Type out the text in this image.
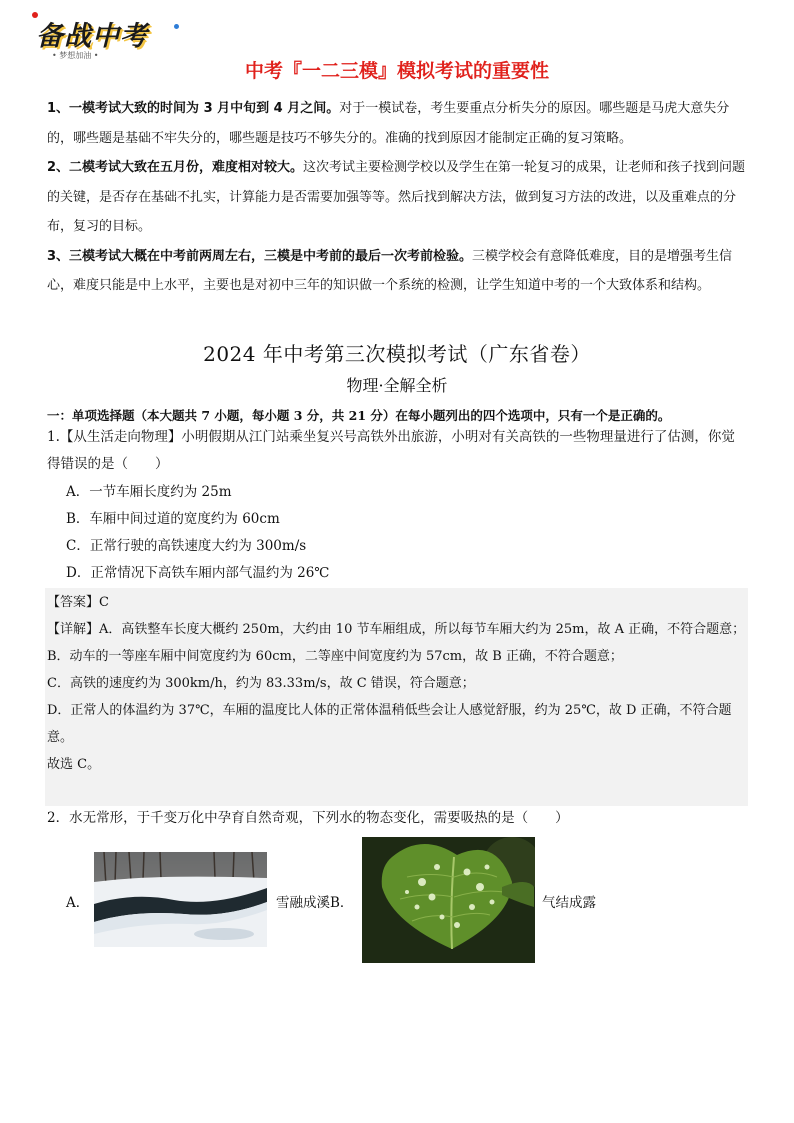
备战中考
• 梦想加油 •
中考『一二三模』模拟考试的重要性

1、一模考试大致的时间为 3 月中旬到 4 月之间。对于一模试卷，考生要重点分析失分的原因。哪些题是马虎大意失分的，哪些题是基础不牢失分的，哪些题是技巧不够失分的。准确的找到原因才能制定正确的复习策略。

2、二模考试大致在五月份，难度相对较大。这次考试主要检测学校以及学生在第一轮复习的成果，让老师和孩子找到问题的关键，是否存在基础不扎实，计算能力是否需要加强等等。然后找到解决方法，做到复习方法的改进，以及重难点的分布，复习的目标。

3、三模考试大概在中考前两周左右，三模是中考前的最后一次考前检验。三模学校会有意降低难度，目的是增强考生信心，难度只能是中上水平，主要也是对初中三年的知识做一个系统的检测，让学生知道中考的一个大致体系和结构。

2024 年中考第三次模拟考试（广东省卷）
物理·全解全析
一：单项选择题（本大题共 7 小题，每小题 3 分，共 21 分）在每小题列出的四个选项中，只有一个是正确的。

1.【从生活走向物理】小明假期从江门站乘坐复兴号高铁外出旅游，小明对有关高铁的一些物理量进行了估测，你觉得错误的是（　　）

A．一节车厢长度约为 25m
B．车厢中间过道的宽度约为 60cm
C．正常行驶的高铁速度大约为 300m/s
D．正常情况下高铁车厢内部气温约为 26℃

【答案】C

【详解】A．高铁整车长度大概约 250m，大约由 10 节车厢组成，所以每节车厢大约为 25m，故 A 正确，不符合题意；

B．动车的一等座车厢中间宽度约为 60cm，二等座中间宽度约为 57cm，故 B 正确，不符合题意；

C．高铁的速度约为 300km/h，约为 83.33m/s，故 C 错误，符合题意；

D．正常人的体温约为 37℃，车厢的温度比人体的正常体温稍低些会让人感觉舒服，约为 25℃，故 D 正确，不符合题意。

故选 C。

2．水无常形，于千变万化中孕育自然奇观，下列水的物态变化，需要吸热的是（　　）
A．	雪融成溪B．	气结成露
